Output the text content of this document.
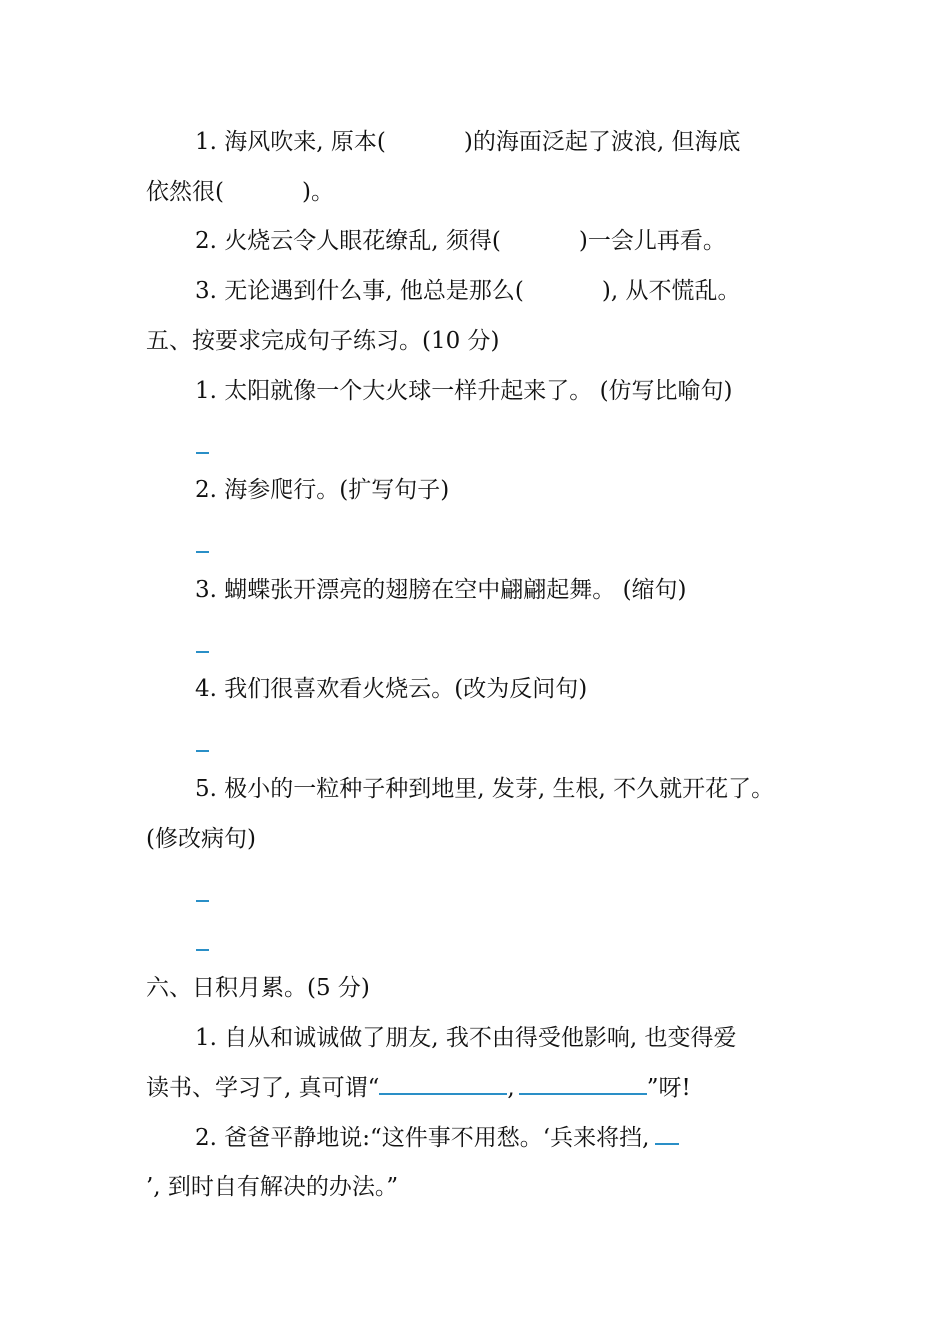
1. 海风吹来, 原本(	)的海面泛起了波浪, 但海底
依然很(	)。
2. 火烧云令人眼花缭乱, 须得(	)一会儿再看。
3. 无论遇到什么事, 他总是那么(	), 从不慌乱。
五、按要求完成句子练习。(10 分)
1. 太阳就像一个大火球一样升起来了。 (仿写比喻句)
2. 海参爬行。(扩写句子)
3. 蝴蝶张开漂亮的翅膀在空中翩翩起舞。 (缩句)
4. 我们很喜欢看火烧云。(改为反问句)
5. 极小的一粒种子种到地里, 发芽, 生根, 不久就开花了。
(修改病句)
六、日积月累。(5 分)
1. 自从和诚诚做了朋友, 我不由得受他影响, 也变得爱
读书、学习了, 真可谓“	,	”呀!
2. 爸爸平静地说:“这件事不用愁。‘兵来将挡,
’, 到时自有解决的办法。”
